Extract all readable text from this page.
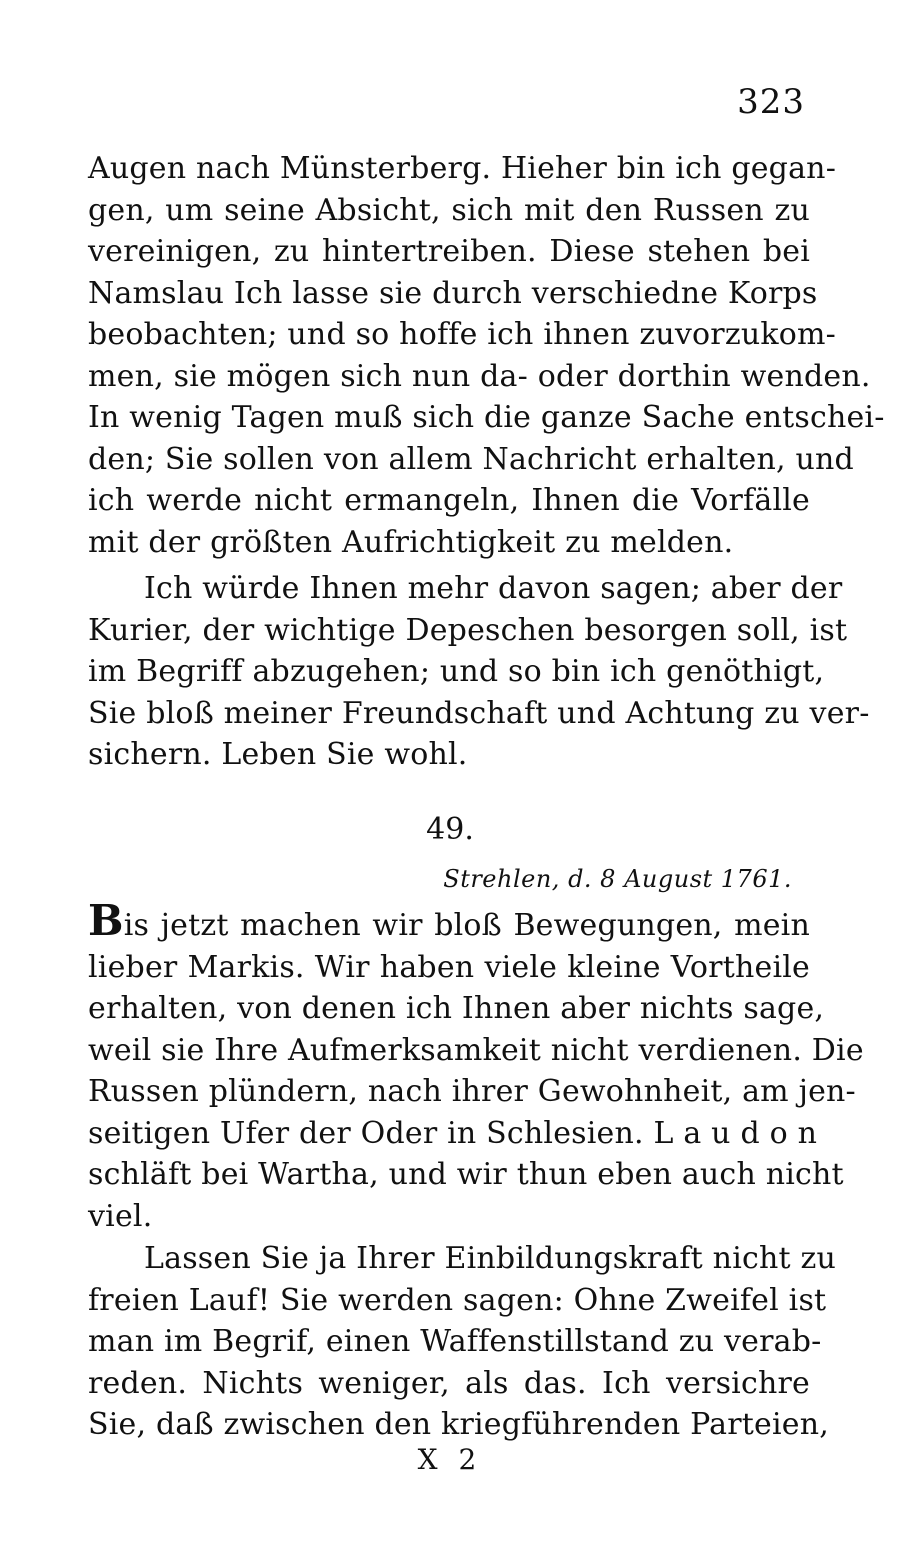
323
Augen nach Münsterberg. Hieher bin ich gegan-
gen, um seine Absicht, sich mit den Russen zu
vereinigen, zu hintertreiben. Diese stehen bei
Namslau Ich lasse sie durch verschiedne Korps
beobachten; und so hoffe ich ihnen zuvorzukom-
men, sie mögen sich nun da- oder dorthin wenden.
In wenig Tagen muß sich die ganze Sache entschei-
den; Sie sollen von allem Nachricht erhalten, und
ich werde nicht ermangeln, Ihnen die Vorfälle
mit der größten Aufrichtigkeit zu melden.
Ich würde Ihnen mehr davon sagen; aber der
Kurier, der wichtige Depeschen besorgen soll, ist
im Begriff abzugehen; und so bin ich genöthigt,
Sie bloß meiner Freundschaft und Achtung zu ver-
sichern. Leben Sie wohl.
49.
Strehlen, d. 8 August 1761.
Bis jetzt machen wir bloß Bewegungen, mein
lieber Markis. Wir haben viele kleine Vortheile
erhalten, von denen ich Ihnen aber nichts sage,
weil sie Ihre Aufmerksamkeit nicht verdienen. Die
Russen plündern, nach ihrer Gewohnheit, am jen-
seitigen Ufer der Oder in Schlesien. L a u d o n
schläft bei Wartha, und wir thun eben auch nicht
viel.
Lassen Sie ja Ihrer Einbildungskraft nicht zu
freien Lauf! Sie werden sagen: Ohne Zweifel ist
man im Begrif, einen Waffenstillstand zu verab-
reden. Nichts weniger, als das. Ich versichre
Sie, daß zwischen den kriegführenden Parteien,
X 2
